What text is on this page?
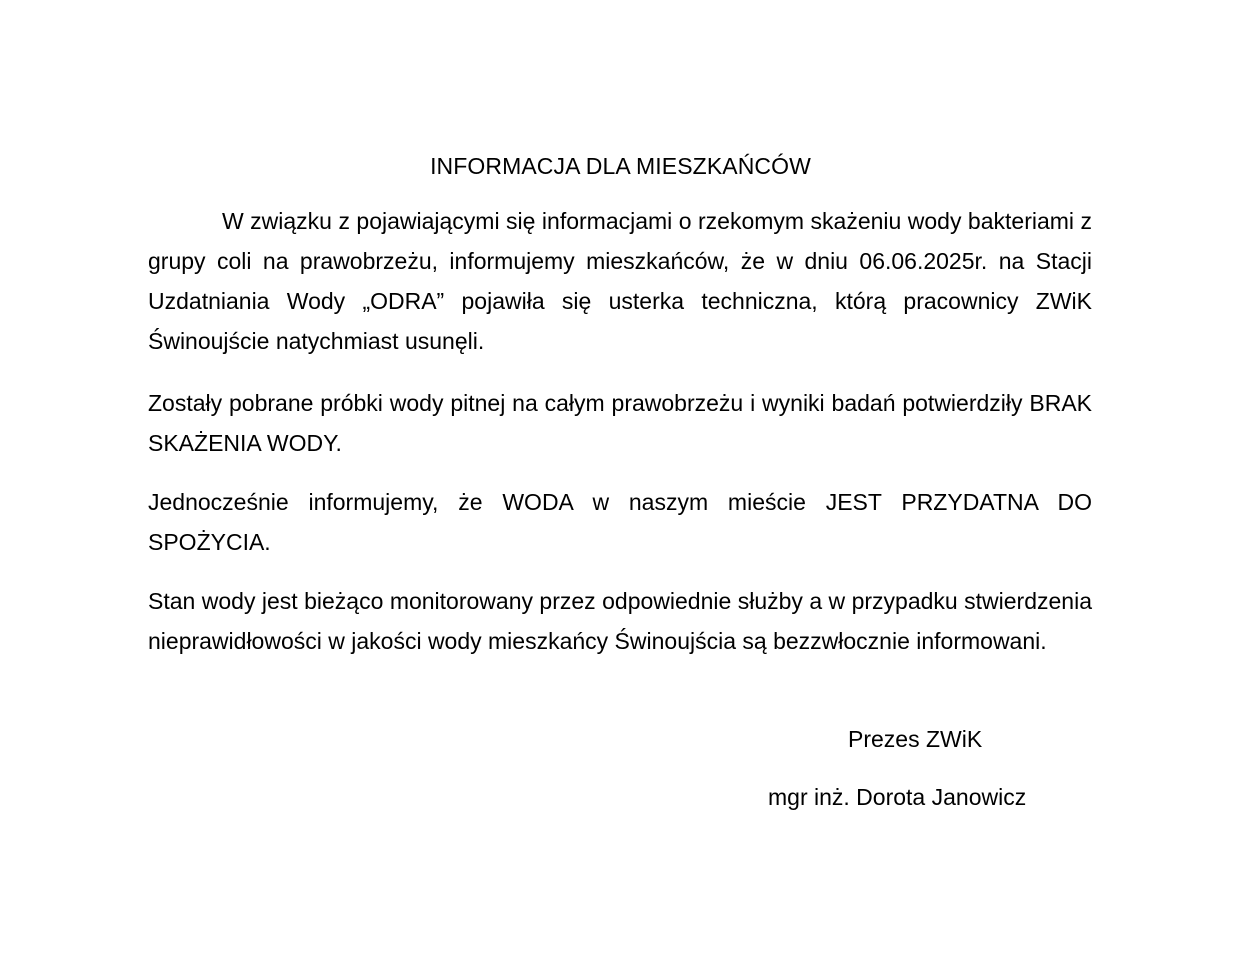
INFORMACJA DLA MIESZKAŃCÓW

W związku z pojawiającymi się informacjami o rzekomym skażeniu wody bakteriami z grupy coli na prawobrzeżu, informujemy mieszkańców, że w dniu 06.06.2025r. na Stacji Uzdatniania Wody „ODRA” pojawiła się usterka techniczna, którą pracownicy ZWiK Świnoujście natychmiast usunęli.

Zostały pobrane próbki wody pitnej na całym prawobrzeżu i wyniki badań potwierdziły BRAK SKAŻENIA WODY.

Jednocześnie informujemy, że WODA w naszym mieście JEST PRZYDATNA DO SPOŻYCIA.

Stan wody jest bieżąco monitorowany przez odpowiednie służby a w przypadku stwierdzenia nieprawidłowości w jakości wody mieszkańcy Świnoujścia są bezzwłocznie informowani.

Prezes ZWiK
mgr inż. Dorota Janowicz
